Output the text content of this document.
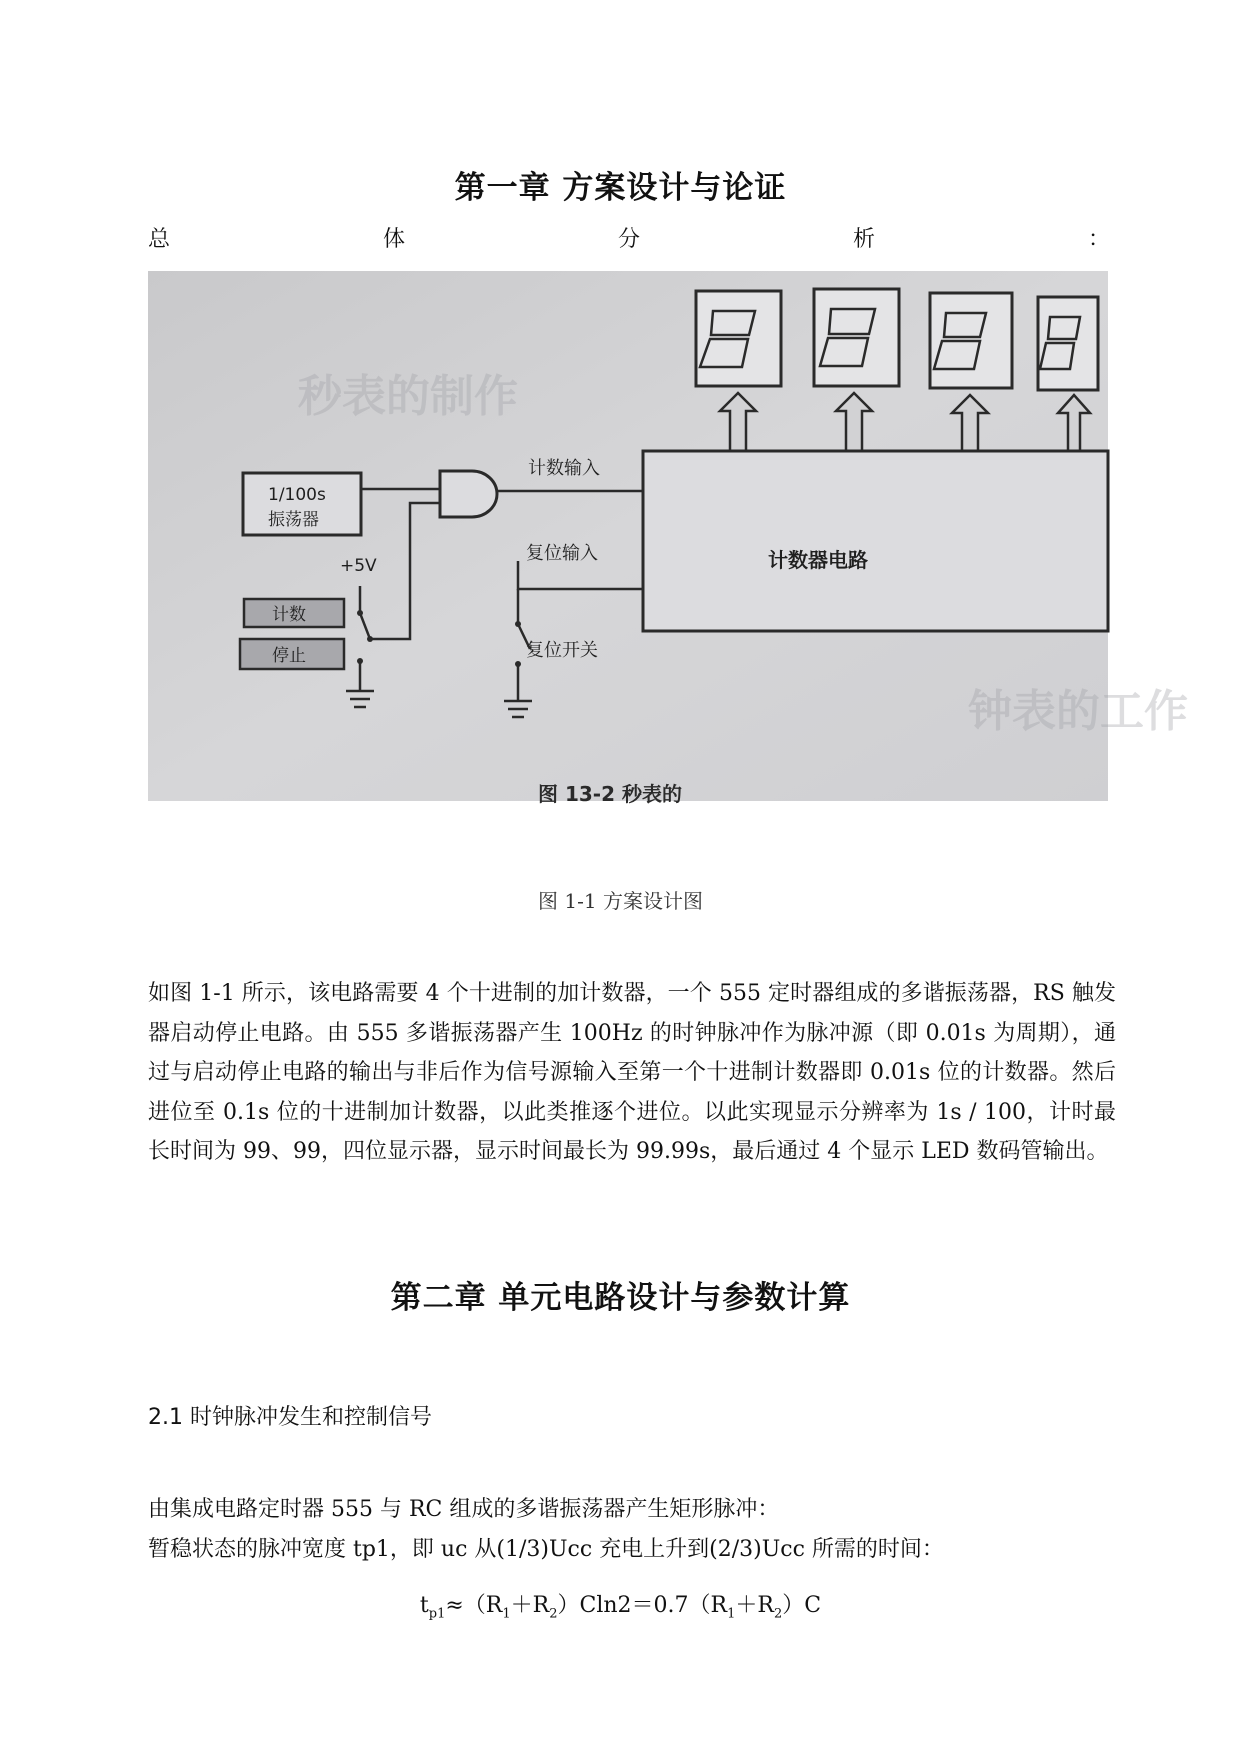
第一章 方案设计与论证
总	体	分	析	：
秒表的制作
钟表的工作
计数器电路
1/100s
振荡器
计数输入
复位输入
+5V
复位开关
计数
停止
图 13-2 秒表的
图 1-1 方案设计图
如图 1-1 所示，该电路需要 4 个十进制的加计数器，一个 555 定时器组成的多谐振荡器，RS 触发器启动停止电路。由 555 多谐振荡器产生 100Hz 的时钟脉冲作为脉冲源（即 0.01s 为周期），通过与启动停止电路的输出与非后作为信号源输入至第一个十进制计数器即 0.01s 位的计数器。然后进位至 0.1s 位的十进制加计数器，以此类推逐个进位。以此实现显示分辨率为 1s / 100，计时最长时间为 99、99，四位显示器，显示时间最长为 99.99s，最后通过 4 个显示 LED 数码管输出。
第二章 单元电路设计与参数计算
2.1 时钟脉冲发生和控制信号
由集成电路定时器 555 与 RC 组成的多谐振荡器产生矩形脉冲：
暂稳状态的脉冲宽度 tp1，即 uc 从(1/3)Ucc 充电上升到(2/3)Ucc 所需的时间：
$t_{p1}\approx(R_1+R_2)Cln2=0.7(R_1+R_2)C$
